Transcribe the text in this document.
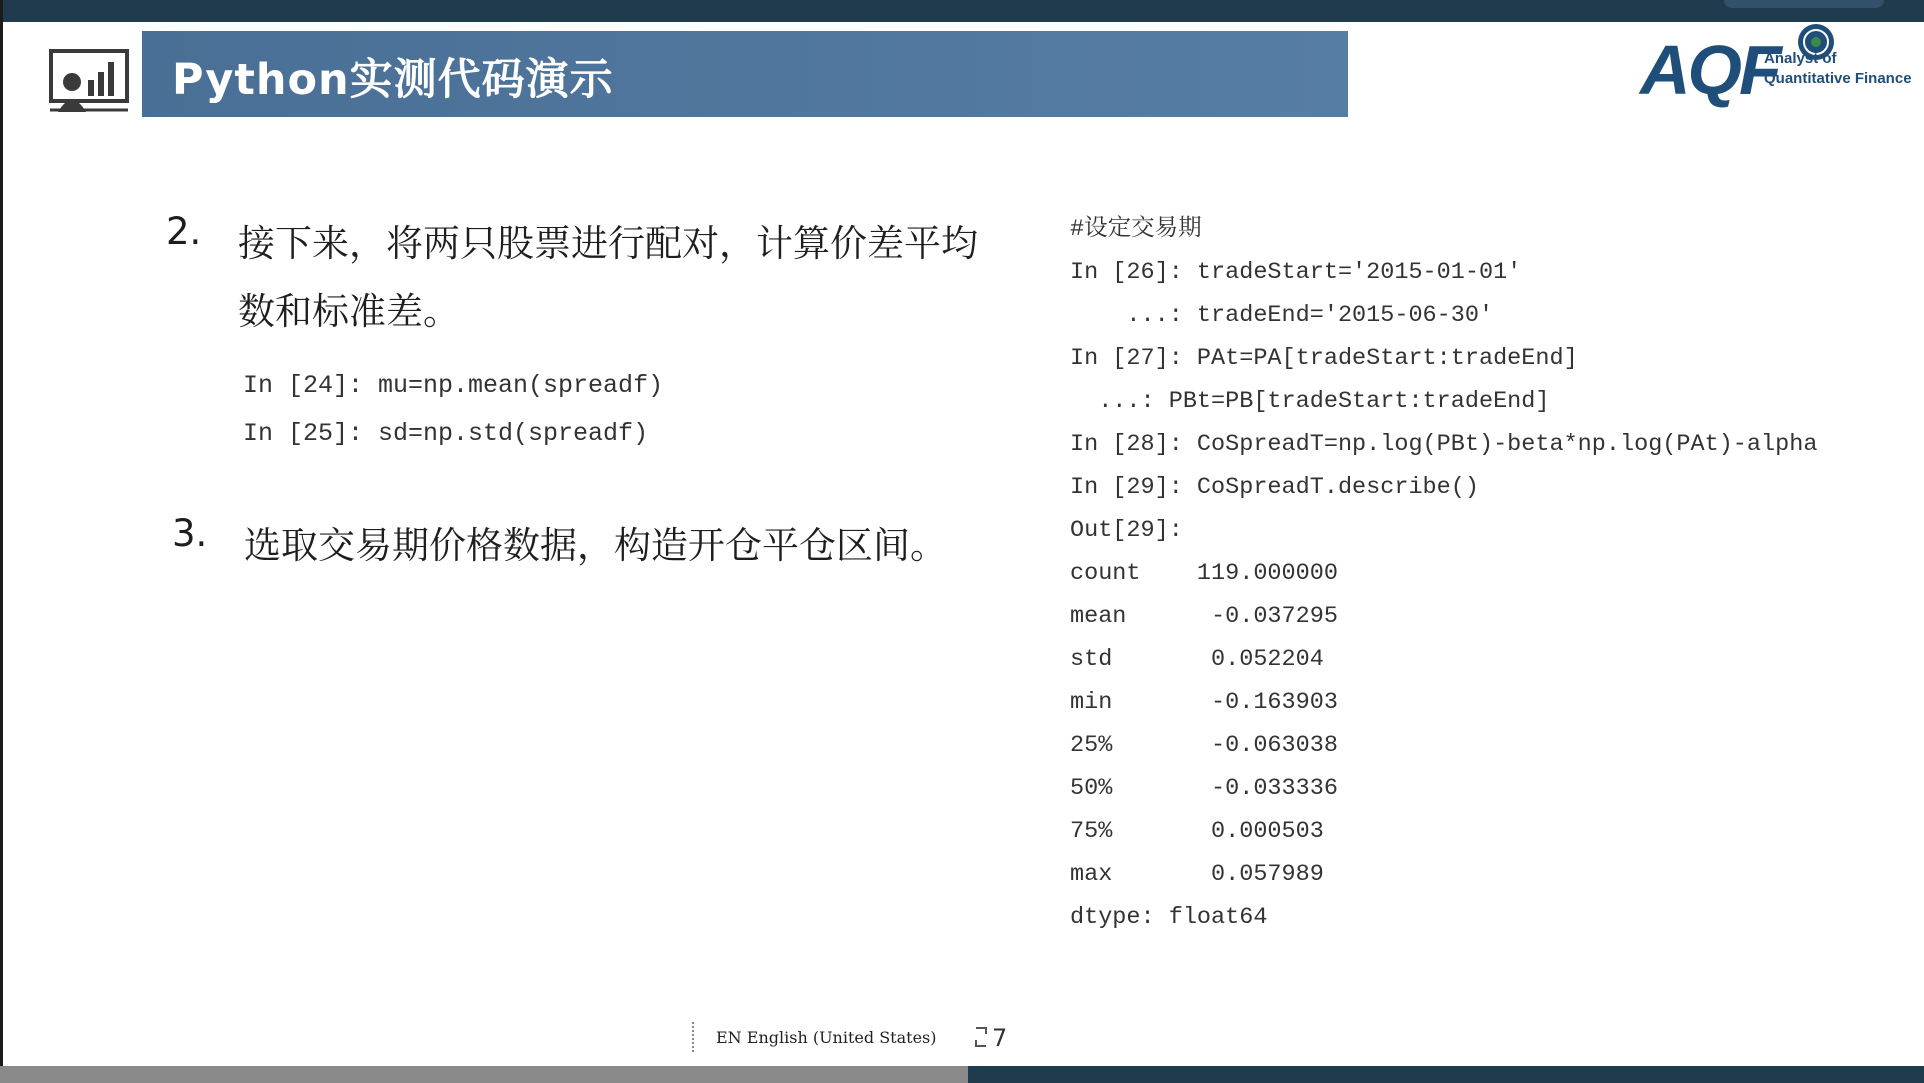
Python实测代码演示	AQF
Analyst of
Quantitative Finance
2. 接下来，将两只股票进行配对，计算价差平均数和标准差。
In [24]: mu=np.mean(spreadf)
In [25]: sd=np.std(spreadf)
3. 选取交易期价格数据，构造开仓平仓区间。
#设定交易期
In [26]: tradeStart='2015-01-01'
...: tradeEnd='2015-06-30'
In [27]: PAt=PA[tradeStart:tradeEnd]
...: PBt=PB[tradeStart:tradeEnd]
In [28]: CoSpreadT=np.log(PBt)-beta*np.log(PAt)-alpha
In [29]: CoSpreadT.describe()
Out[29]:
count    119.000000
mean      -0.037295
std       0.052204
min       -0.163903
25%       -0.063038
50%       -0.033336
75%       0.000503
max       0.057989
dtype: float64
EN English (United States) 7
